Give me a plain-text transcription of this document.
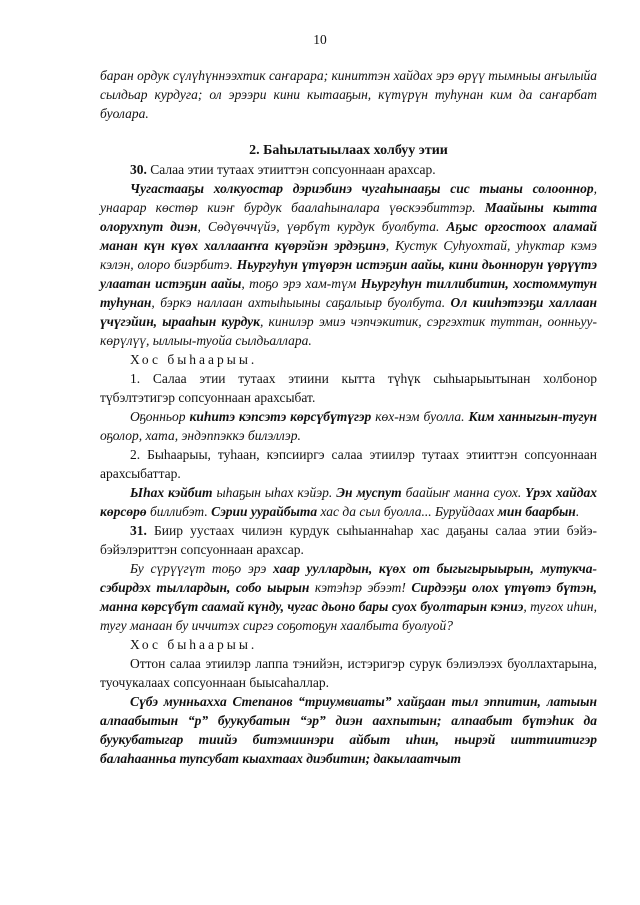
10

баран ордук сүлүһүннээхтик саҥарара; киниттэн хайдах эрэ өрүү тымныы аҥылыйа сылдьар курдуга; ол эрээри кини кытааҕын, күтүрүн туһунан ким да саҥарбат буолара.

2. Баһылатыылаах холбуу этии

30. Салаа этии тутаах этииттэн сопсуоннаан арахсар.

Чугастааҕы холкуостар дэриэбинэ чугаһынааҕы сис тыаны солооннор, унаарар көстөр киэҥ бурдук баалаһыналара үөскээбиттэр. Маайыны кытта олорухпут диэн, Сөдүөччүйэ, үөрбүт курдук буолбута. Аҕыс оргостоох аламай манан күн күөх халлааҥҥа күөрэйэн эрдэҕинэ, Кустук Суһуохтай, уһуктар кэмэ кэлэн, олоро биэрбитэ. Ньургуһун үтүөрэн истэҕин аайы, кини дьоннорун үөрүүтэ улаатан истэҕин аайы, тоҕо эрэ хам-түм Ньургуһун тиллибитин, хостоммутун туһунан, бэркэ наллаан ахтыһыыны саҕалыыр буолбута. Ол кииһэтээҕи халлаан үчүгэйин, ырааһын курдук, кинилэр эмиэ чэпчэкитик, сэргэхтик туттан, оонньуу-көрүлүү, ыллыы-туойа сылдьаллара.

Хос быһаарыы.

1. Салаа этии тутаах этиини кытта түһүк сыһыарыытынан холбонор түбэлтэтигэр сопсуоннаан арахсыбат.

Оҕонньор киһитэ кэпсэтэ көрсүбүтүгэр көх-нэм буолла. Ким ханныгын-тугун оҕолор, хата, эндэппэккэ билэллэр.

2. Быһаарыы, туһаан, кэпсииргэ салаа этиилэр тутаах этииттэн сопсуоннаан арахсыбаттар.

Ыһах кэйбит ыһаҕын ыһах кэйэр. Эн муспут баайыҥ манна суох. Үрэх хайдах көрсөрө биллибэт. Сэрии уурайбыта хас да сыл буолла... Буруйдаах мин баарбын.

31. Биир уустаах чилиэн курдук сыһыаннаһар хас даҕаны салаа этии бэйэ-бэйэлэриттэн сопсуоннаан арахсар.

Бу сүрүүгүт тоҕо эрэ хаар ууллардын, күөх от быгыгырыырын, мутукча-сэбирдэх тыллардын, собо ыырын кэтэһэр эбээт! Сирдээҕи олох үтүөтэ бүтэн, манна көрсүбүт саамай күнду, чугас дьоно бары суох буолтарын кэниэ, тугох иһин, тугу манаан бу иччитэх сиргэ соҕотоҕун хаалбыта буолуой?

Хос быһаарыы.

Оттон салаа этиилэр лаппа тэнийэн, истэригэр сурук бэлиэлээх буоллахтарына, туочукалаах сопсуоннаан быысаһаллар.

Сүбэ мунньахха Степанов “триумвиаты” хайҕаан тыл эппитин, латыын алпаабытын “р” буукубатын “эр” диэн аахпытын; алпаабыт бүтэһик да буукубатыгар тиийэ битэмиинэри айбыт иһин, ньирэй ииттиитигэр балаһаанньа тупсубат кыахтаах диэбитин; дакылаатчыт
